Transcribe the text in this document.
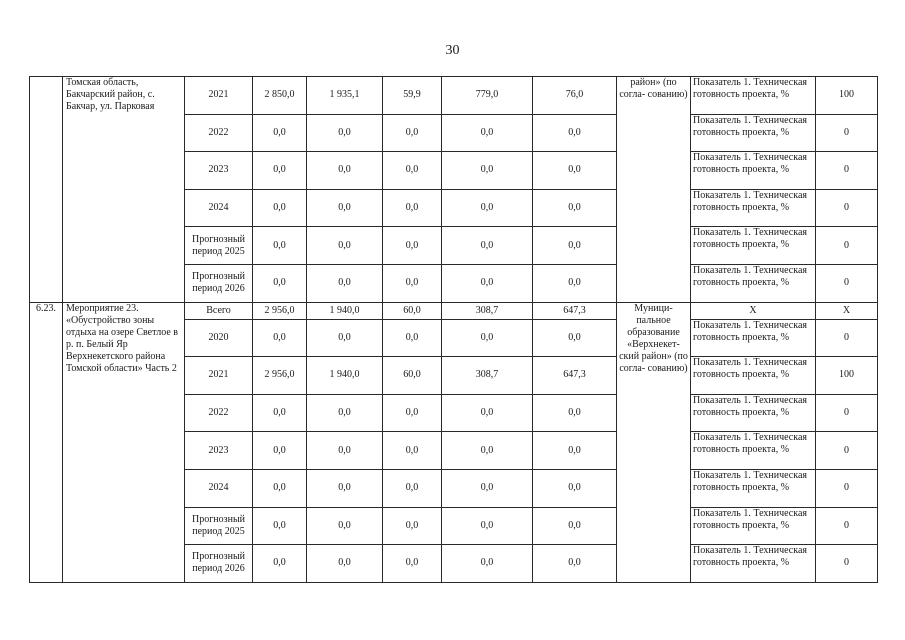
30
	Томская область, Бакчарский район, с. Бакчар, ул. Парковая	2021	2 850,0	1 935,1	59,9	779,0	76,0	район» (по согла- сованию)	Показатель 1. Техническая готовность проекта, %	100
		2022	0,0	0,0	0,0	0,0	0,0		Показатель 1. Техническая готовность проекта, %	0
		2023	0,0	0,0	0,0	0,0	0,0		Показатель 1. Техническая готовность проекта, %	0
		2024	0,0	0,0	0,0	0,0	0,0		Показатель 1. Техническая готовность проекта, %	0
		Прогнозный период 2025	0,0	0,0	0,0	0,0	0,0		Показатель 1. Техническая готовность проекта, %	0
		Прогнозный период 2026	0,0	0,0	0,0	0,0	0,0		Показатель 1. Техническая готовность проекта, %	0
6.23.	Мероприятие 23. «Обустройство зоны отдыха на озере Светлое в р. п. Белый Яр Верхнекетского района Томской области» Часть 2	Всего	2 956,0	1 940,0	60,0	308,7	647,3	Муници- пальное образование «Верхнекет- ский район» (по согла- сованию)	Х	Х
		2020	0,0	0,0	0,0	0,0	0,0		Показатель 1. Техническая готовность проекта, %	0
		2021	2 956,0	1 940,0	60,0	308,7	647,3		Показатель 1. Техническая готовность проекта, %	100
		2022	0,0	0,0	0,0	0,0	0,0		Показатель 1. Техническая готовность проекта, %	0
		2023	0,0	0,0	0,0	0,0	0,0		Показатель 1. Техническая готовность проекта, %	0
		2024	0,0	0,0	0,0	0,0	0,0		Показатель 1. Техническая готовность проекта, %	0
		Прогнозный период 2025	0,0	0,0	0,0	0,0	0,0		Показатель 1. Техническая готовность проекта, %	0
		Прогнозный период 2026	0,0	0,0	0,0	0,0	0,0		Показатель 1. Техническая готовность проекта, %	0
